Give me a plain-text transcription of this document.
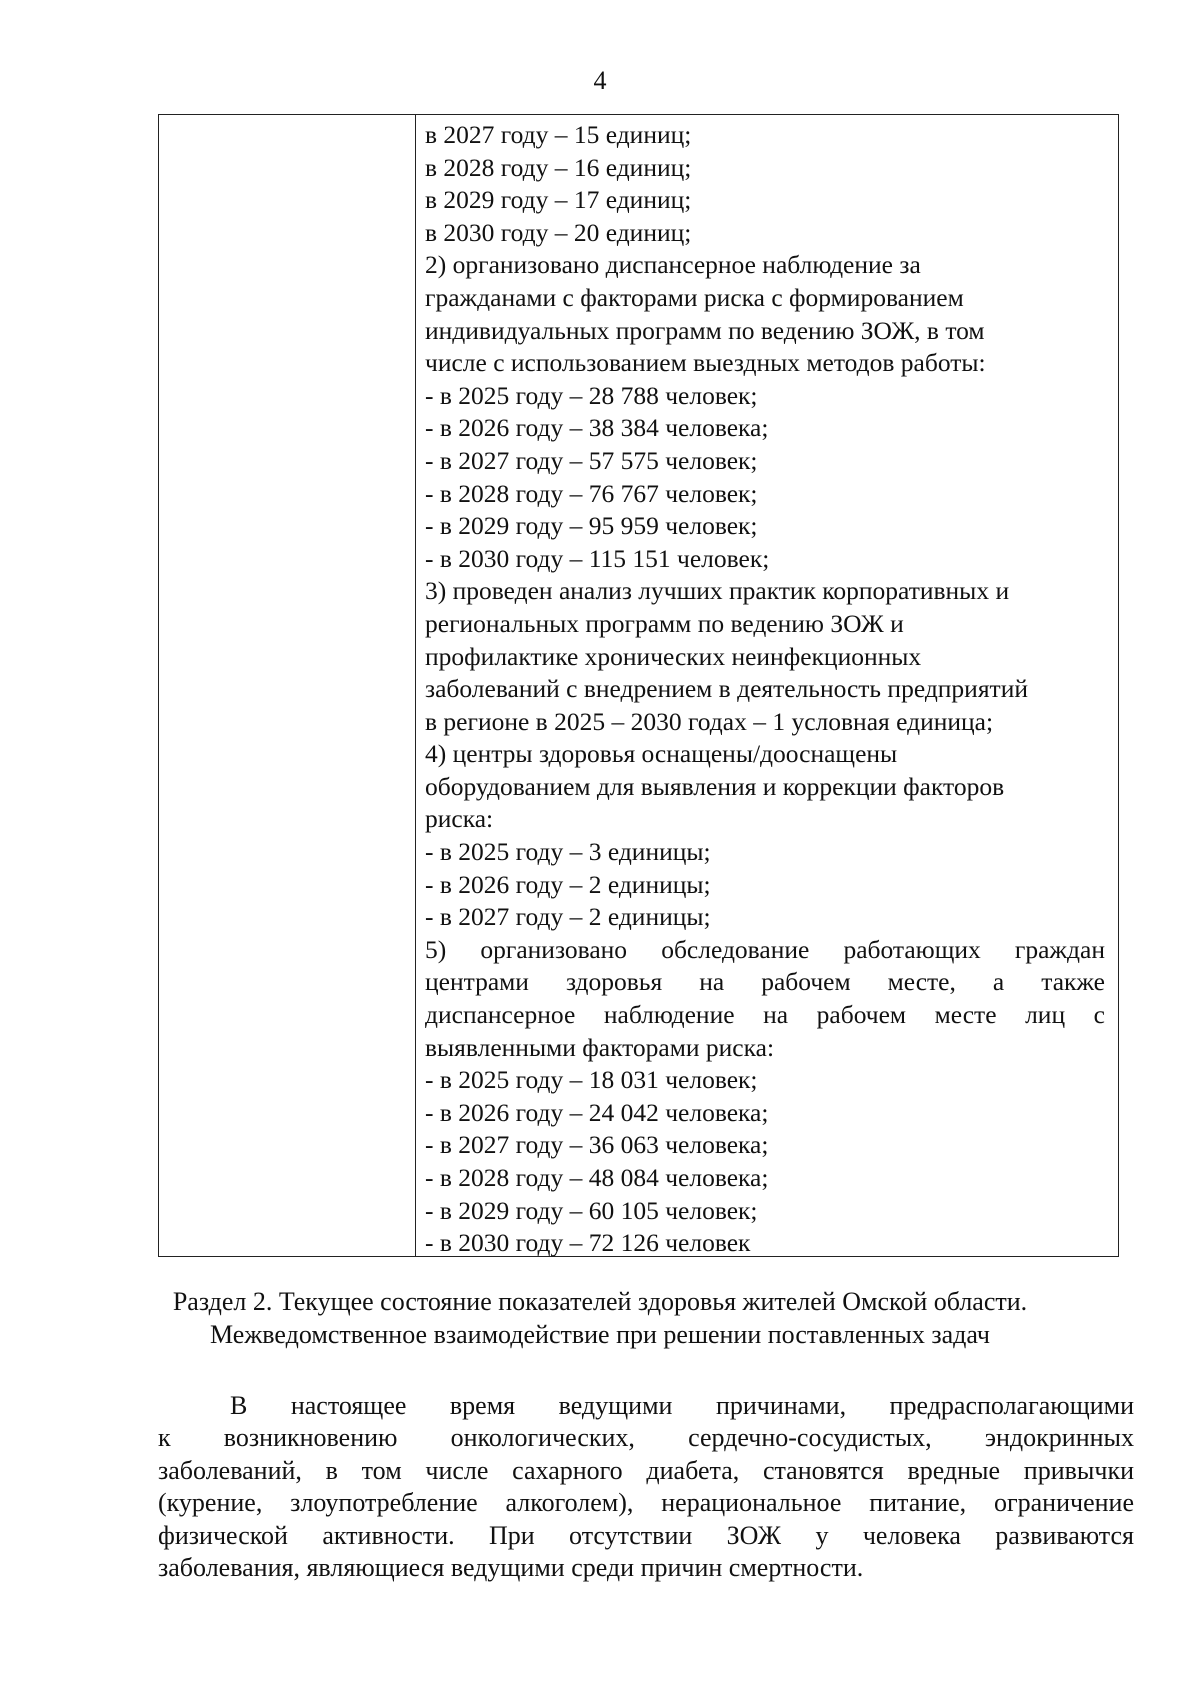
4
в 2027 году – 15 единиц;
в 2028 году – 16 единиц;
в 2029 году – 17 единиц;
в 2030 году – 20 единиц;
2) организовано диспансерное наблюдение за
гражданами с факторами риска с формированием
индивидуальных программ по ведению ЗОЖ, в том
числе с использованием выездных методов работы:
- в 2025 году – 28 788 человек;
- в 2026 году – 38 384 человека;
- в 2027 году – 57 575 человек;
- в 2028 году – 76 767 человек;
- в 2029 году – 95 959 человек;
- в 2030 году – 115 151 человек;
3) проведен анализ лучших практик корпоративных и
региональных программ по ведению ЗОЖ и
профилактике хронических неинфекционных
заболеваний с внедрением в деятельность предприятий
в регионе в 2025 – 2030 годах – 1 условная единица;
4) центры здоровья оснащены/дооснащены
оборудованием для выявления и коррекции факторов
риска:
- в 2025 году – 3 единицы;
- в 2026 году – 2 единицы;
- в 2027 году – 2 единицы;
5) организовано обследование работающих граждан
центрами здоровья на рабочем месте, а также
диспансерное наблюдение на рабочем месте лиц с
выявленными факторами риска:
- в 2025 году – 18 031 человек;
- в 2026 году – 24 042 человека;
- в 2027 году – 36 063 человека;
- в 2028 году – 48 084 человека;
- в 2029 году – 60 105 человек;
- в 2030 году – 72 126 человек
Раздел 2. Текущее состояние показателей здоровья жителей Омской области.
Межведомственное взаимодействие при решении поставленных задач
В настоящее время ведущими причинами, предрасполагающими
к возникновению онкологических, сердечно-сосудистых, эндокринных
заболеваний, в том числе сахарного диабета, становятся вредные привычки
(курение, злоупотребление алкоголем), нерациональное питание, ограничение
физической активности. При отсутствии ЗОЖ у человека развиваются
заболевания, являющиеся ведущими среди причин смертности.
